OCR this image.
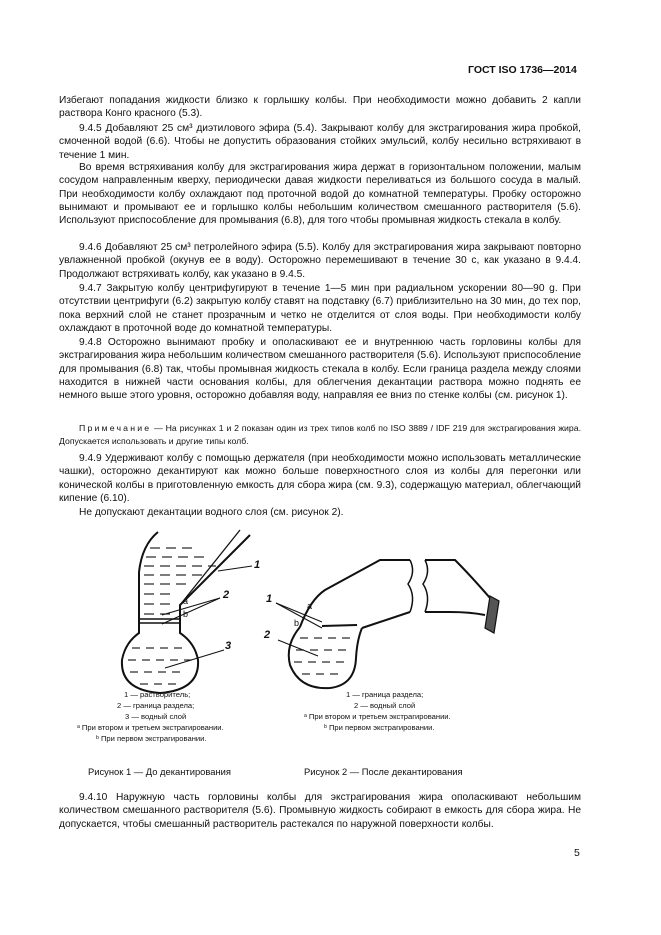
ГОСТ ISO 1736—2014
Избегают попадания жидкости близко к горлышку колбы. При необходимости можно добавить 2 капли раствора Конго красного (5.3).
9.4.5 Добавляют 25 см³ диэтилового эфира (5.4). Закрывают колбу для экстрагирования жира пробкой, смоченной водой (6.6). Чтобы не допустить образования стойких эмульсий, колбу несильно встряхивают в течение 1 мин.
Во время встряхивания колбу для экстрагирования жира держат в горизонтальном положении, малым сосудом направленным кверху, периодически давая жидкости переливаться из большого сосуда в малый. При необходимости колбу охлаждают под проточной водой до комнатной температуры. Пробку осторожно вынимают и промывают ее и горлышко колбы небольшим количеством смешанного растворителя (5.6). Используют приспособление для промывания (6.8), для того чтобы промывная жидкость стекала в колбу.
9.4.6 Добавляют 25 см³ петролейного эфира (5.5). Колбу для экстрагирования жира закрывают повторно увлажненной пробкой (окунув ее в воду). Осторожно перемешивают в течение 30 с, как указано в 9.4.4. Продолжают встряхивать колбу, как указано в 9.4.5.
9.4.7 Закрытую колбу центрифугируют в течение 1—5 мин при радиальном ускорении 80—90 g. При отсутствии центрифуги (6.2) закрытую колбу ставят на подставку (6.7) приблизительно на 30 мин, до тех пор, пока верхний слой не станет прозрачным и четко не отделится от слоя воды. При необходимости колбу охлаждают в проточной воде до комнатной температуры.
9.4.8 Осторожно вынимают пробку и ополаскивают ее и внутреннюю часть горловины колбы для экстрагирования жира небольшим количеством смешанного растворителя (5.6). Используют приспособление для промывания (6.8) так, чтобы промывная жидкость стекала в колбу. Если граница раздела между слоями находится в нижней части основания колбы, для облегчения декантации раствора можно поднять ее немного выше этого уровня, осторожно добавляя воду, направляя ее вниз по стенке колбы (см. рисунок 1).
Примечание — На рисунках 1 и 2 показан один из трех типов колб по ISO 3889 / IDF 219 для экстрагирования жира. Допускается использовать и другие типы колб.
9.4.9 Удерживают колбу с помощью держателя (при необходимости можно использовать металлические чашки), осторожно декантируют как можно больше поверхностного слоя из колбы для перегонки или конической колбы в приготовленную емкость для сбора жира (см. 9.3), содержащую материал, облегчающий кипение (6.10).
Не допускают декантации водного слоя (см. рисунок 2).
1
2
3
a
b
1 — растворитель;
2 — граница раздела;
3 — водный слой
ᵃ При втором и третьем экстрагировании.
ᵇ При первом экстрагировании.
Рисунок 1 — До декантирования
1
2
a
b
1 — граница раздела;
2 — водный слой
ᵃ При втором и третьем экстрагировании.
ᵇ При первом экстрагировании.
Рисунок 2 — После декантирования
9.4.10 Наружную часть горловины колбы для экстрагирования жира ополаскивают небольшим количеством смешанного растворителя (5.6). Промывную жидкость собирают в емкость для сбора жира. Не допускается, чтобы смешанный растворитель растекался по наружной поверхности колбы.
5
